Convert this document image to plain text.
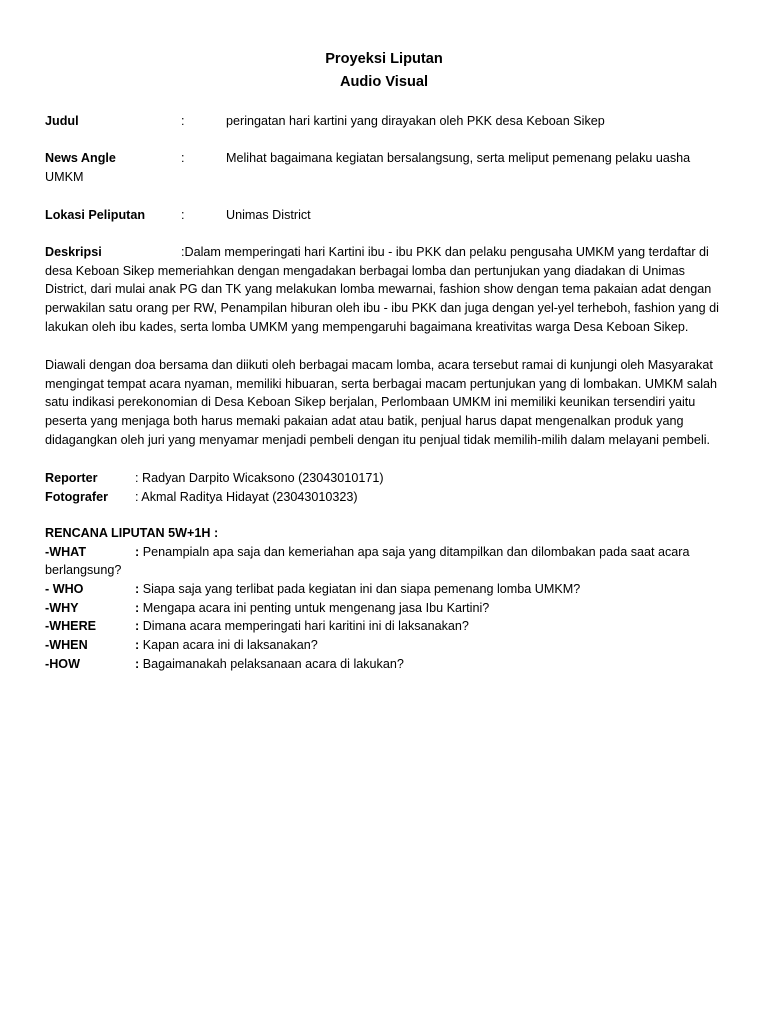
Proyeksi Liputan
Audio Visual
Judul	:	peringatan hari kartini yang dirayakan oleh PKK desa Keboan Sikep
News Angle	:	Melihat bagaimana kegiatan bersalangsung, serta meliput pemenang pelaku uasha
UMKM
Lokasi Peliputan	:	Unimas District
Deskripsi	:Dalam memperingati hari Kartini ibu - ibu PKK dan pelaku pengusaha UMKM yang terdaftar di
desa Keboan Sikep memeriahkan dengan mengadakan berbagai lomba dan pertunjukan yang diadakan di Unimas
District, dari mulai anak PG dan TK yang melakukan lomba mewarnai, fashion show dengan tema pakaian adat dengan
perwakilan satu orang per RW, Penampilan hiburan oleh ibu - ibu PKK dan juga dengan yel-yel terheboh, fashion yang di
lakukan oleh ibu kades, serta lomba UMKM yang mempengaruhi bagaimana kreativitas warga Desa Keboan Sikep.
Diawali dengan doa bersama dan diikuti oleh berbagai macam lomba, acara tersebut ramai di kunjungi oleh Masyarakat
mengingat tempat acara nyaman, memiliki hibuaran, serta berbagai macam pertunjukan yang di lombakan. UMKM salah
satu indikasi perekonomian di Desa Keboan Sikep berjalan, Perlombaan UMKM ini memiliki keunikan tersendiri yaitu
peserta yang menjaga both harus memaki pakaian adat atau batik, penjual harus dapat mengenalkan produk yang
didagangkan oleh juri yang menyamar menjadi pembeli dengan itu penjual tidak memilih-milih dalam melayani pembeli.
Reporter	: Radyan Darpito Wicaksono (23043010171)
Fotografer : Akmal Raditya Hidayat (23043010323)
RENCANA LIPUTAN 5W+1H :
-WHAT	: Penampialn apa saja dan kemeriahan apa saja yang ditampilkan dan dilombakan pada saat acara
berlangsung?
- WHO	: Siapa saja yang terlibat pada kegiatan ini dan siapa pemenang lomba UMKM?
-WHY	: Mengapa acara ini penting untuk mengenang jasa Ibu Kartini?
-WHERE	: Dimana acara memperingati hari karitini ini di laksanakan?
-WHEN	: Kapan acara ini di laksanakan?
-HOW	: Bagaimanakah pelaksanaan acara di lakukan?
